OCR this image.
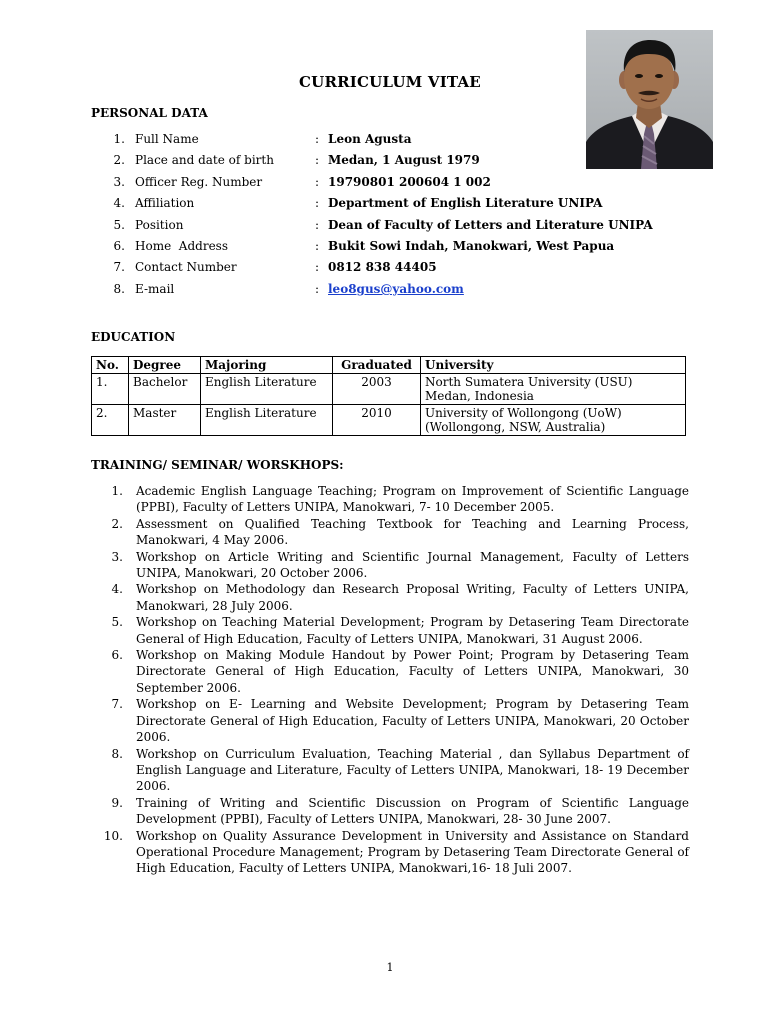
CURRICULUM VITAE
PERSONAL DATA
1. Full Name	: Leon Agusta
2. Place and date of birth	: Medan, 1 August 1979
3. Officer Reg. Number	: 19790801 200604 1 002
4. Affiliation	: Department of English Literature UNIPA
5. Position	: Dean of Faculty of Letters and Literature UNIPA
6. Home  Address	: Bukit Sowi Indah, Manokwari, West Papua
7. Contact Number	: 0812 838 44405
8. E-mail	: leo8gus@yahoo.com
EDUCATION
No.	Degree	Majoring	Graduated	University
1.	Bachelor	English Literature	2003	North Sumatera University (USU)
Medan, Indonesia

2.	Master	English Literature	2010	University of Wollongong (UoW)
(Wollongong, NSW, Australia)
TRAINING/ SEMINAR/ WORSKHOPS:
1. Academic English Language Teaching; Program on Improvement of Scientific Language (PPBI), Faculty of Letters UNIPA, Manokwari, 7- 10 December 2005.
2. Assessment on Qualified Teaching Textbook for Teaching and Learning Process, Manokwari, 4 May 2006.
3. Workshop on Article Writing and Scientific Journal Management, Faculty of Letters UNIPA, Manokwari, 20 October 2006.
4. Workshop on Methodology dan Research Proposal Writing, Faculty of Letters UNIPA, Manokwari, 28 July 2006.
5. Workshop on Teaching Material Development; Program by Detasering Team Directorate General of High Education, Faculty of Letters UNIPA, Manokwari, 31 August 2006.
6. Workshop on Making Module Handout by Power Point; Program by Detasering Team Directorate General of High Education, Faculty of Letters UNIPA, Manokwari, 30 September 2006.
7. Workshop on E- Learning and Website Development; Program by Detasering Team Directorate General of High Education, Faculty of Letters UNIPA, Manokwari, 20 October 2006.
8. Workshop on Curriculum Evaluation, Teaching Material , dan Syllabus Department of English Language and Literature, Faculty of Letters UNIPA, Manokwari, 18- 19 December 2006.
9. Training of Writing and Scientific Discussion on Program of Scientific Language Development (PPBI), Faculty of Letters UNIPA, Manokwari, 28- 30 June 2007.
10. Workshop on Quality Assurance Development in University and Assistance on Standard Operational Procedure Management; Program by Detasering Team Directorate General of High Education, Faculty of Letters UNIPA, Manokwari,16- 18 Juli 2007.
1
